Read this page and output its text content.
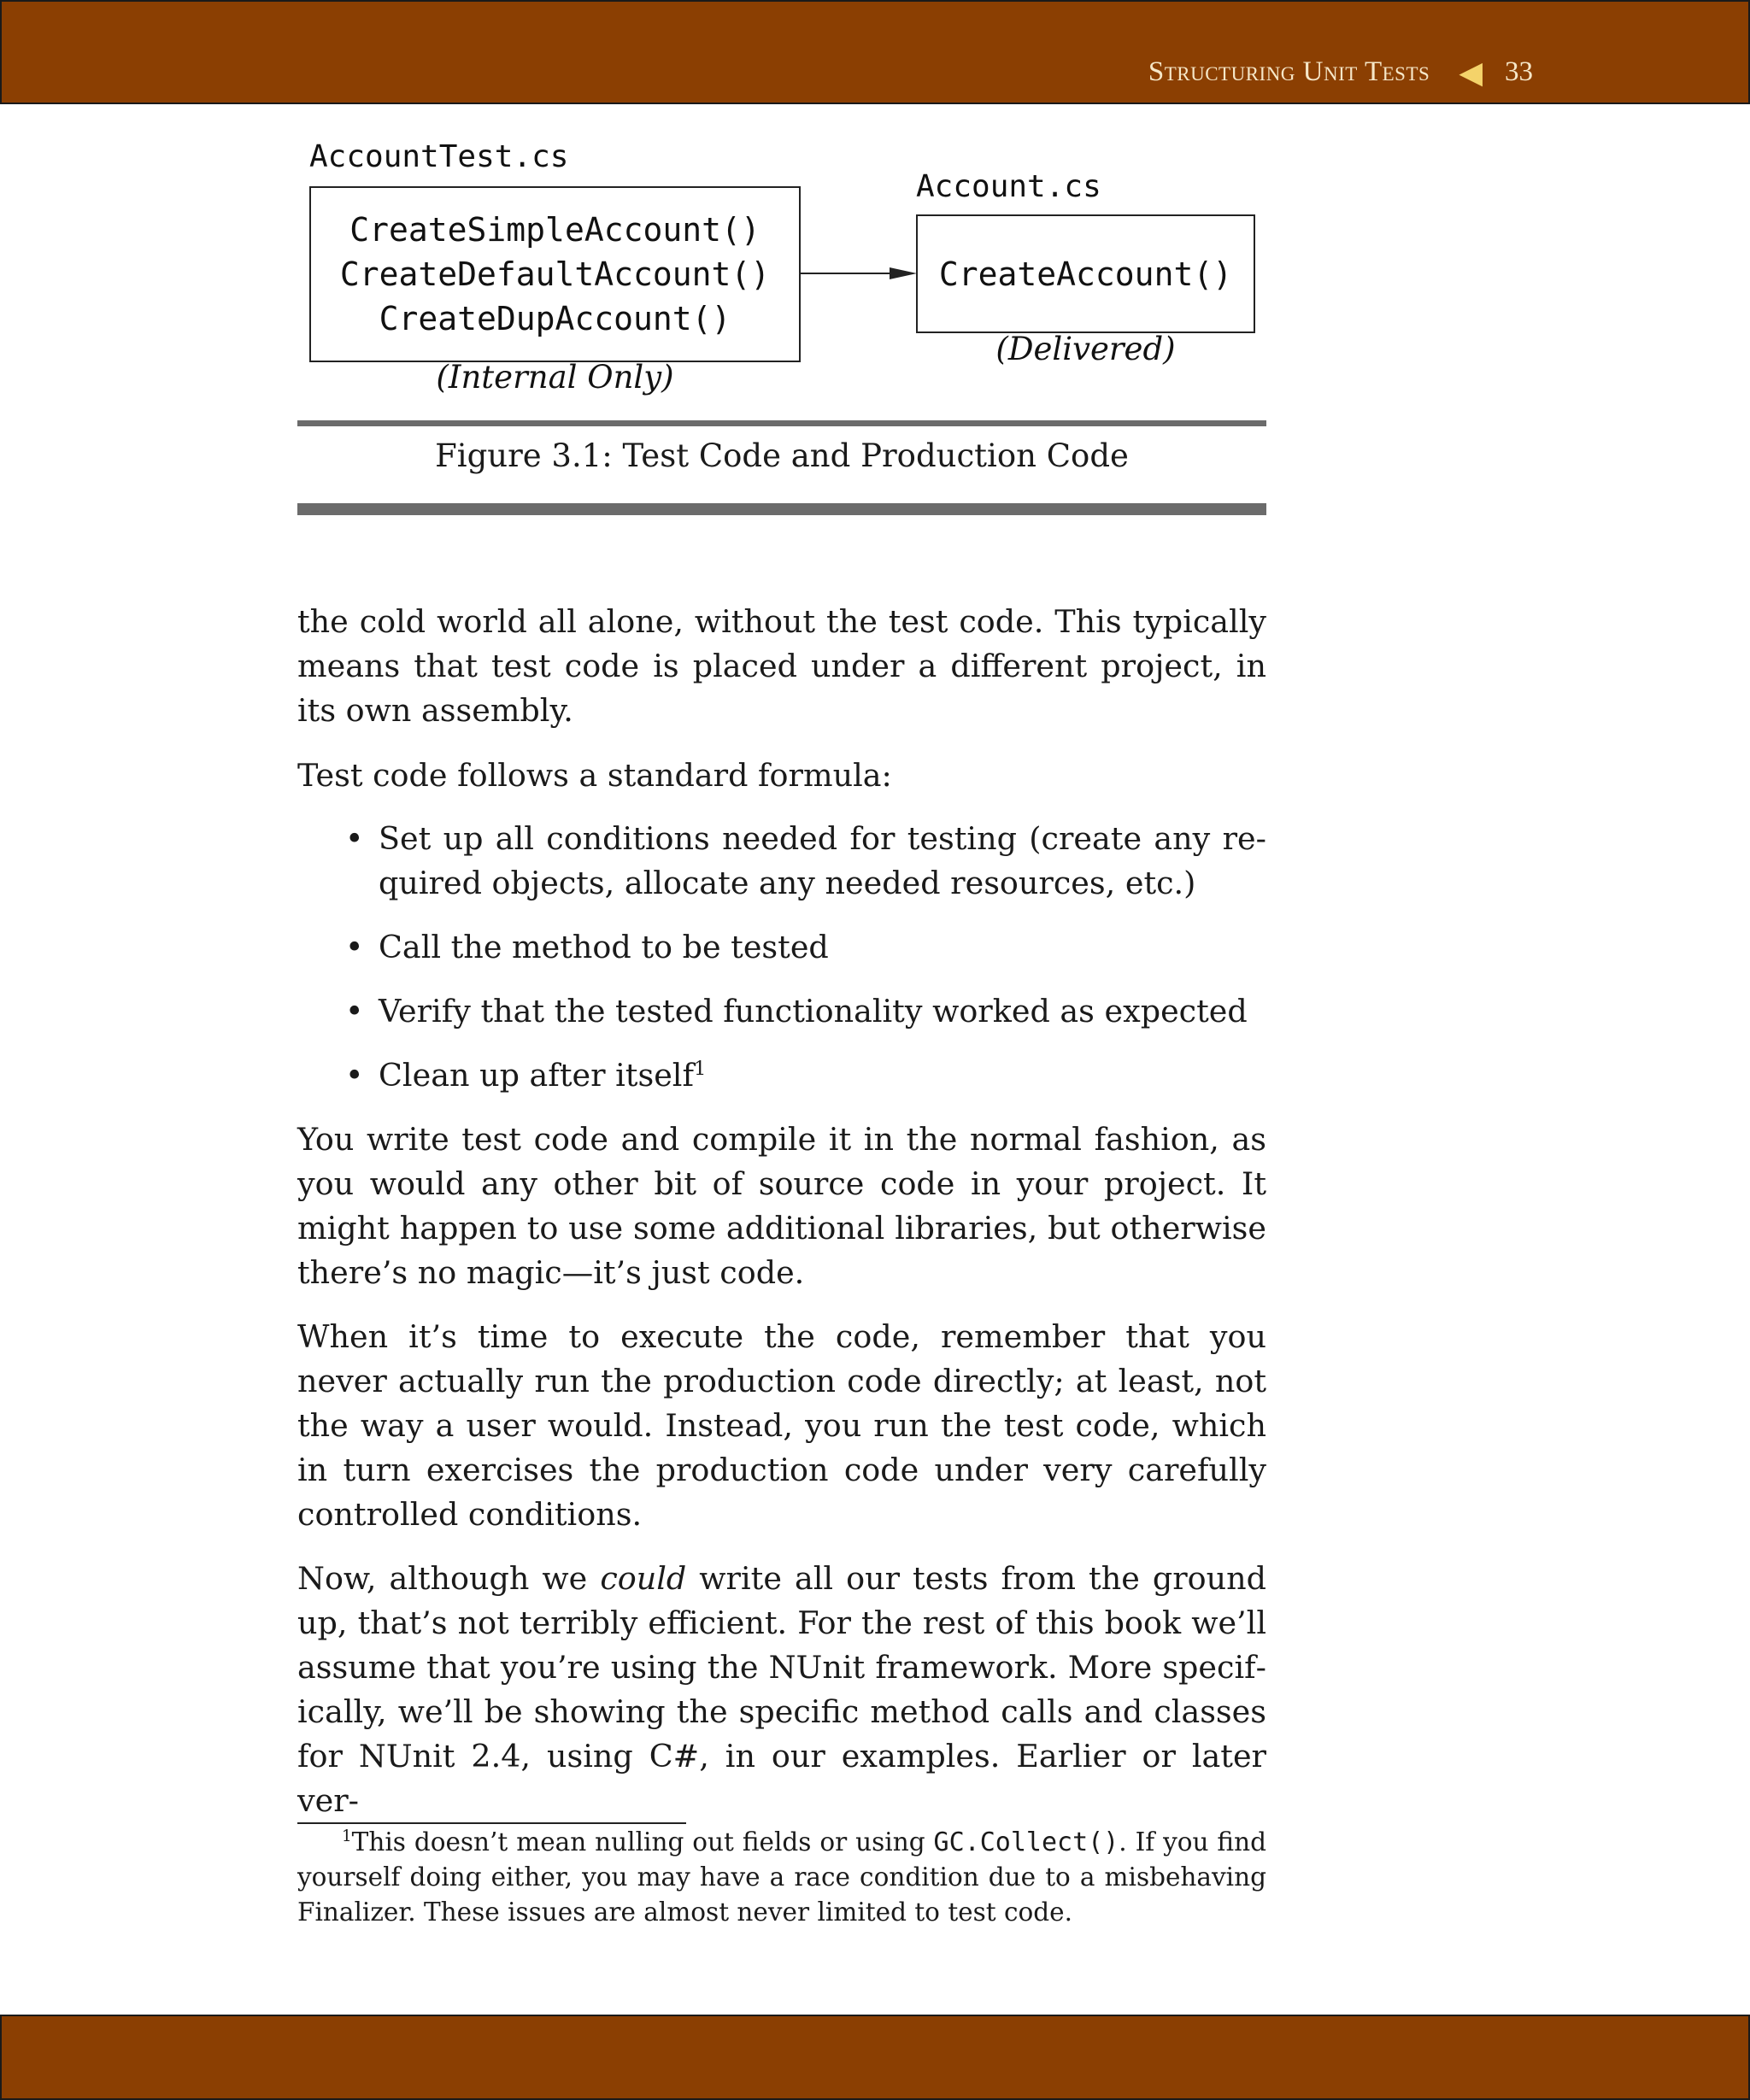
Structuring Unit Tests ◀ 33
AccountTest.cs
CreateSimpleAccount()
CreateDefaultAccount()
CreateDupAccount()
(Internal Only)
Account.cs
CreateAccount()
(Delivered)
Figure 3.1: Test Code and Production Code

the cold world all alone, without the test code. This typically means that test code is placed under a different project, in its own assembly.

Test code follows a standard formula:

• Set up all conditions needed for testing (create any required objects, allocate any needed resources, etc.)
• Call the method to be tested
• Verify that the tested functionality worked as expected
• Clean up after itself$^1$

You write test code and compile it in the normal fashion, as you would any other bit of source code in your project. It might happen to use some additional libraries, but otherwise there’s no magic—it’s just code.

When it’s time to execute the code, remember that you never actually run the production code directly; at least, not the way a user would. Instead, you run the test code, which in turn exercises the production code under very carefully controlled conditions.

Now, although we could write all our tests from the ground up, that’s not terribly efficient. For the rest of this book we’ll assume that you’re using the NUnit framework. More specifically, we’ll be showing the specific method calls and classes for NUnit 2.4, using C#, in our examples. Earlier or later ver-

$^1$This doesn’t mean nulling out fields or using GC.Collect(). If you find yourself doing either, you may have a race condition due to a misbehaving Finalizer. These issues are almost never limited to test code.
